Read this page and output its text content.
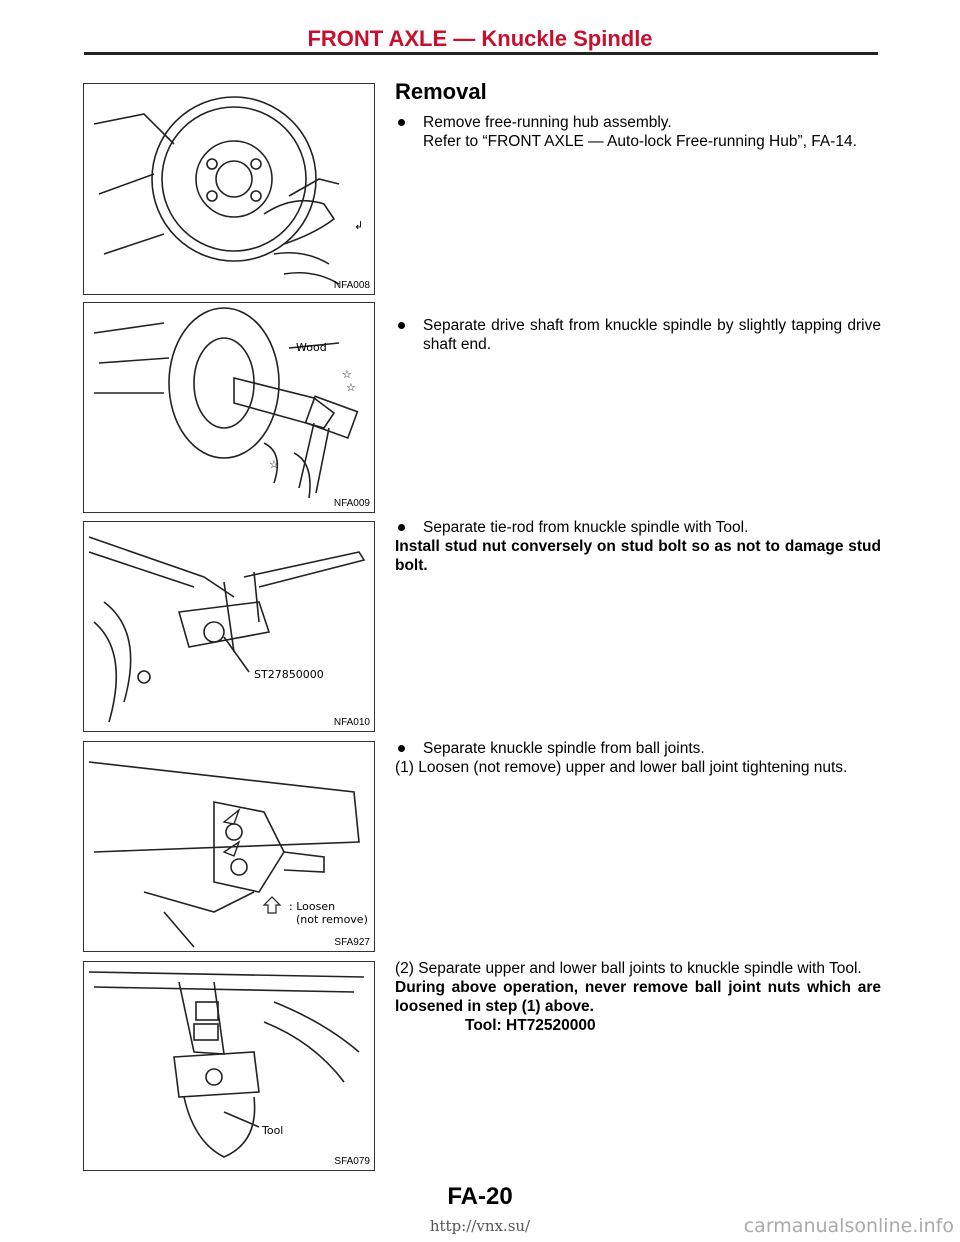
FRONT AXLE — Knuckle Spindle
↲
NFA008
Wood
☆
☆
☆
NFA009
ST27850000
NFA010
: Loosen
(not remove)
SFA927
Tool
SFA079
Removal
Remove free-running hub assembly.
Refer to “FRONT AXLE — Auto-lock Free-running Hub”, FA-14.
Separate drive shaft from knuckle spindle by slightly tapping drive shaft end.
Separate tie-rod from knuckle spindle with Tool.
Install stud nut conversely on stud bolt so as not to damage stud bolt.
Separate knuckle spindle from ball joints.
(1) Loosen (not remove) upper and lower ball joint tightening nuts.
(2) Separate upper and lower ball joints to knuckle spindle with Tool.
During above operation, never remove ball joint nuts which are loosened in step (1) above.
Tool: HT72520000
FA-20
http://vnx.su/	carmanualsonline.info
